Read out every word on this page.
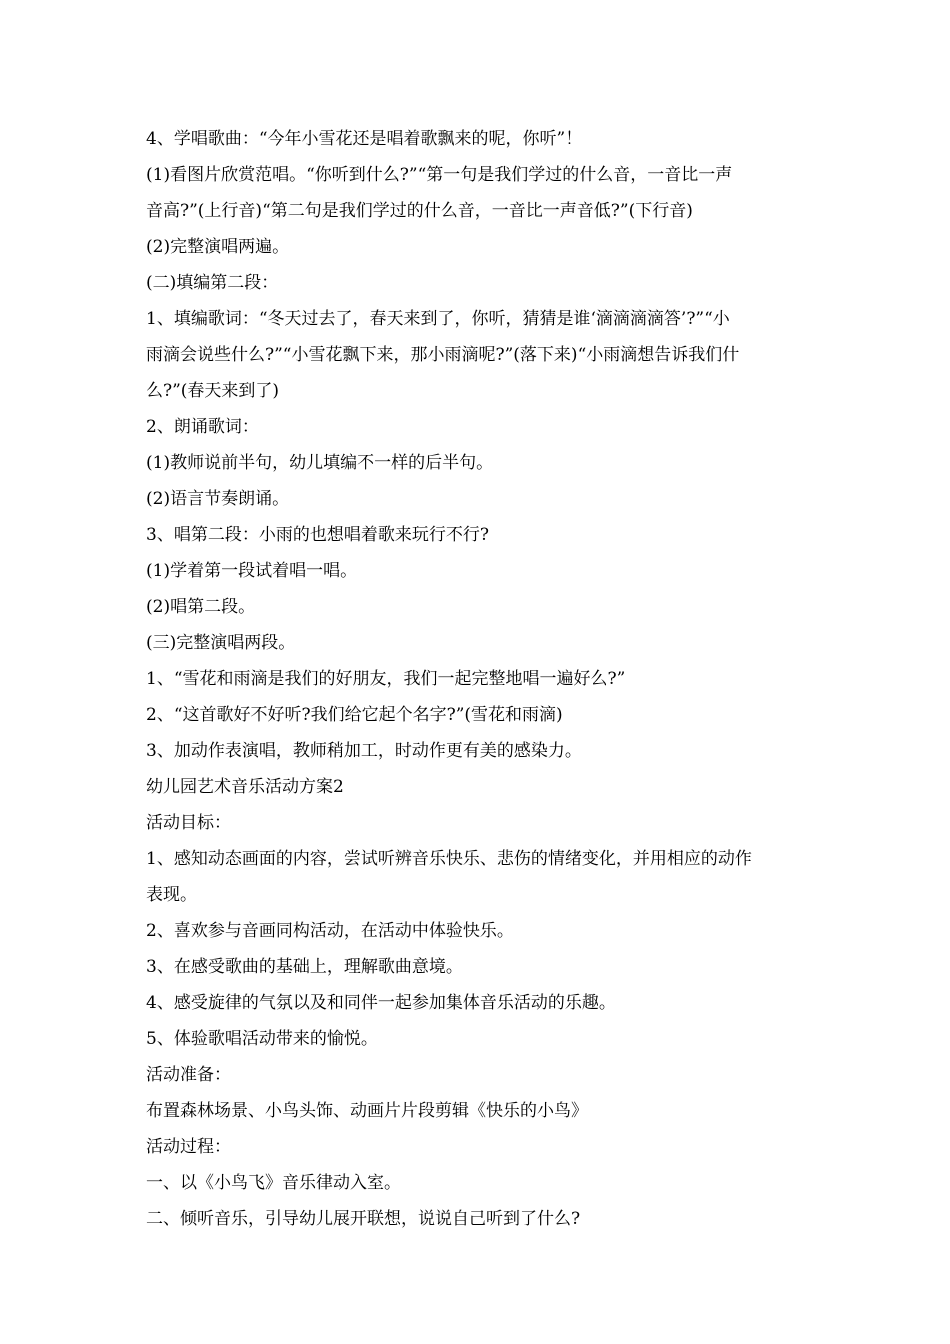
4、学唱歌曲：“今年小雪花还是唱着歌飘来的呢，你听”！
(1)看图片欣赏范唱。“你听到什么?”“第一句是我们学过的什么音，一音比一声
音高?”(上行音)“第二句是我们学过的什么音，一音比一声音低?”(下行音)
(2)完整演唱两遍。
(二)填编第二段：
1、填编歌词：“冬天过去了，春天来到了，你听，猜猜是谁‘滴滴滴滴答’?”“小
雨滴会说些什么?”“小雪花飘下来，那小雨滴呢?”(落下来)“小雨滴想告诉我们什
么?”(春天来到了)
2、朗诵歌词：
(1)教师说前半句，幼儿填编不一样的后半句。
(2)语言节奏朗诵。
3、唱第二段：小雨的也想唱着歌来玩行不行?
(1)学着第一段试着唱一唱。
(2)唱第二段。
(三)完整演唱两段。
1、“雪花和雨滴是我们的好朋友，我们一起完整地唱一遍好么?”
2、“这首歌好不好听?我们给它起个名字?”(雪花和雨滴)
3、加动作表演唱，教师稍加工，时动作更有美的感染力。
幼儿园艺术音乐活动方案2
活动目标：
1、感知动态画面的内容，尝试听辨音乐快乐、悲伤的情绪变化，并用相应的动作
表现。
2、喜欢参与音画同构活动，在活动中体验快乐。
3、在感受歌曲的基础上，理解歌曲意境。
4、感受旋律的气氛以及和同伴一起参加集体音乐活动的乐趣。
5、体验歌唱活动带来的愉悦。
活动准备：
布置森林场景、小鸟头饰、动画片片段剪辑《快乐的小鸟》
活动过程：
一、以《小鸟飞》音乐律动入室。
二、倾听音乐，引导幼儿展开联想，说说自己听到了什么?
